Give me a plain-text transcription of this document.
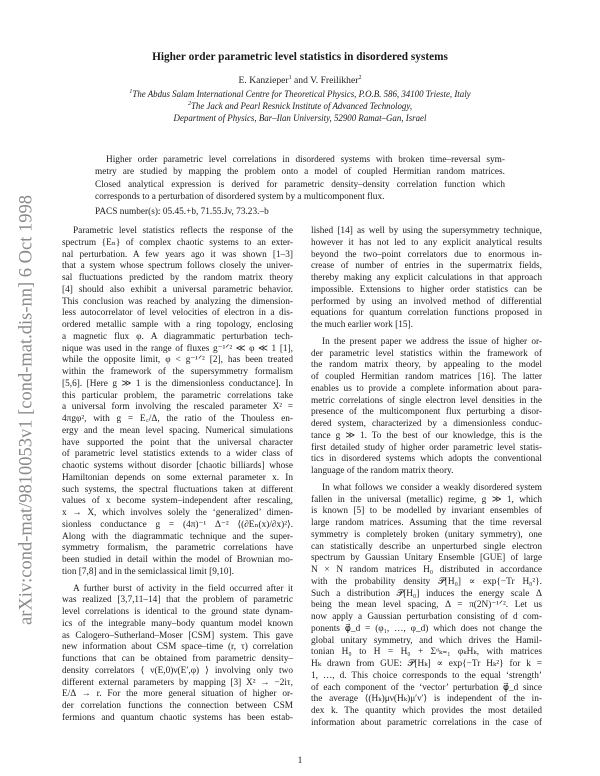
arXiv:cond-mat/9810053v1 [cond-mat.dis-nn] 6 Oct 1998
Higher order parametric level statistics in disordered systems
E. Kanzieper$^1$ and V. Freilikher$^2$
$^1$The Abdus Salam International Centre for Theoretical Physics, P.O.B. 586, 34100 Trieste, Italy
$^2$The Jack and Pearl Resnick Institute of Advanced Technology,
Department of Physics, Bar–Ilan University, 52900 Ramat–Gan, Israel
Higher order parametric level correlations in disordered systems with broken time–reversal sym-
metry are studied by mapping the problem onto a model of coupled Hermitian random matrices.
Closed analytical expression is derived for parametric density–density correlation function which
corresponds to a perturbation of disordered system by a multicomponent flux.
PACS number(s): 05.45.+b, 71.55.Jv, 73.23.–b
Parametric level statistics reflects the response of the
spectrum {Eₙ} of complex chaotic systems to an exter-
nal perturbation. A few years ago it was shown [1–3]
that a system whose spectrum follows closely the univer-
sal fluctuations predicted by the random matrix theory
[4] should also exhibit a universal parametric behavior.
This conclusion was reached by analyzing the dimension-
less autocorrelator of level velocities of electron in a dis-
ordered metallic sample with a ring topology, enclosing
a magnetic flux φ. A diagrammatic perturbation tech-
nique was used in the range of fluxes g⁻¹ᐟ² ≪ φ ≪ 1 [1],
while the opposite limit, φ < g⁻¹ᐟ² [2], has been treated
within the framework of the supersymmetry formalism
[5,6]. [Here g ≫ 1 is the dimensionless conductance]. In
this particular problem, the parametric correlations take
a universal form involving the rescaled parameter X² =
4πgφ², with g = E꜀/Δ, the ratio of the Thouless en-
ergy and the mean level spacing. Numerical simulations
have supported the point that the universal character
of parametric level statistics extends to a wider class of
chaotic systems without disorder [chaotic billiards] whose
Hamiltonian depends on some external parameter x. In
such systems, the spectral fluctuations taken at different
values of x become system–independent after rescaling,
x → X, which involves solely the ‘generalized’ dimen-
sionless conductance g = (4π)⁻¹ Δ⁻² ⟨(∂Eₙ(x)/∂x)²⟩.
Along with the diagrammatic technique and the super-
symmetry formalism, the parametric correlations have
been studied in detail within the model of Brownian mo-
tion [7,8] and in the semiclassical limit [9,10].
A further burst of activity in the field occurred after it
was realized [3,7,11–14] that the problem of parametric
level correlations is identical to the ground state dynam-
ics of the integrable many–body quantum model known
as Calogero–Sutherland–Moser [CSM] system. This gave
new information about CSM space–time (r, τ) correlation
functions that can be obtained from parametric density–
density correlators ⟨ ν(E,0)ν(E′,φ) ⟩ involving only two
different external parameters by mapping [3] X² → −2iτ,
E/Δ → r. For the more general situation of higher or-
der correlation functions the connection between CSM
fermions and quantum chaotic systems has been estab-
lished [14] as well by using the supersymmetry technique,
however it has not led to any explicit analytical results
beyond the two–point correlators due to enormous in-
crease of number of entries in the supermatrix fields,
thereby making any explicit calculations in that approach
impossible. Extensions to higher order statistics can be
performed by using an involved method of differential
equations for quantum correlation functions proposed in
the much earlier work [15].
In the present paper we address the issue of higher or-
der parametric level statistics within the framework of
the random matrix theory, by appealing to the model
of coupled Hermitian random matrices [16]. The latter
enables us to provide a complete information about para-
metric correlations of single electron level densities in the
presence of the multicomponent flux perturbing a disor-
dered system, characterized by a dimensionless conduc-
tance g ≫ 1. To the best of our knowledge, this is the
first detailed study of higher order parametric level statis-
tics in disordered systems which adopts the conventional
language of the random matrix theory.
In what follows we consider a weakly disordered system
fallen in the universal (metallic) regime, g ≫ 1, which
is known [5] to be modelled by invariant ensembles of
large random matrices. Assuming that the time reversal
symmetry is completely broken (unitary symmetry), one
can statistically describe an unperturbed single electron
spectrum by Gaussian Unitary Ensemble [GUE] of large
N × N random matrices H₀ distributed in accordance
with the probability density 𝒫[H₀] ∝ exp{−Tr H₀²}.
Such a distribution 𝒫[H₀] induces the energy scale Δ
being the mean level spacing, Δ = π(2N)⁻¹ᐟ². Let us
now apply a Gaussian perturbation consisting of d com-
ponents φ⃗_d = (φ₁, …, φ_d) which does not change the
global unitary symmetry, and which drives the Hamil-
tonian H₀ to H = H₀ + Σᵈₖ₌₁ φₖHₖ, with matrices
Hₖ drawn from GUE: 𝒫[Hₖ] ∝ exp{−Tr Hₖ²} for k =
1, …, d. This choice corresponds to the equal ‘strength’
of each component of the ‘vector’ perturbation φ⃗_d since
the average ⟨(Hₖ)μν(Hₖ)μ′ν′⟩ is independent of the in-
dex k. The quantity which provides the most detailed
information about parametric correlations in the case of
1
